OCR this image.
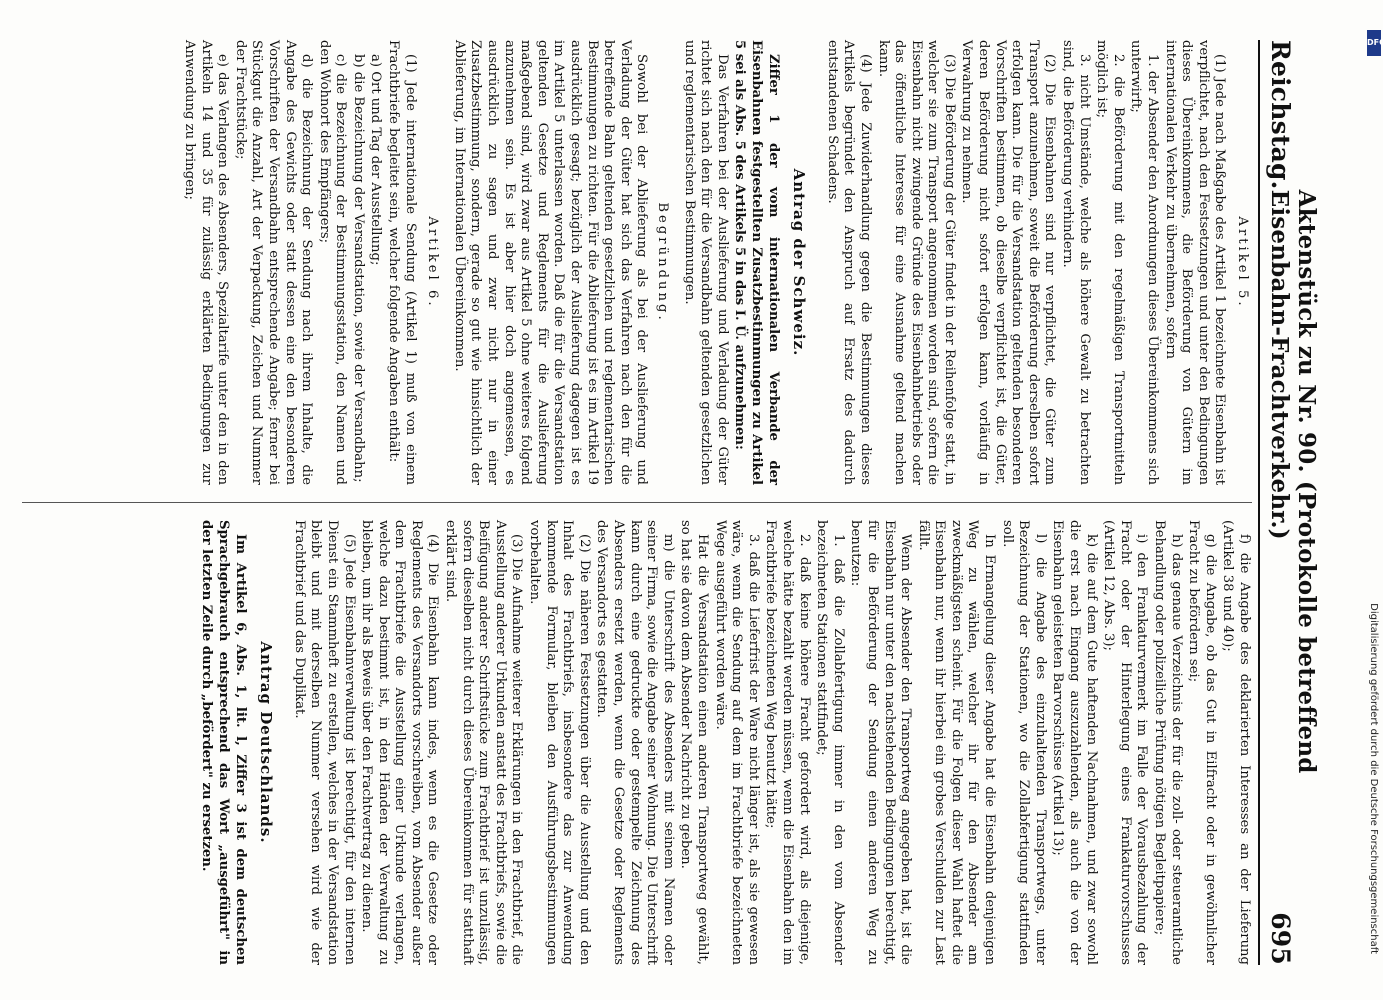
Reichstag.
Aktenstück zu Nr. 90. (Protokolle betreffend Eisenbahn-Frachtverkehr.)
695

Artikel 5.

(1) Jede nach Maßgabe des Artikel 1 bezeichnete Eisenbahn ist verpflichtet, nach den Festsetzungen und unter den Bedingungen dieses Übereinkommens, die Beförderung von Gütern im internationalen Verkehr zu übernehmen, sofern

1. der Absender den Anordnungen dieses Übereinkommens sich unterwirft;

2. die Beförderung mit den regelmäßigen Transportmitteln möglich ist;

3. nicht Umstände, welche als höhere Gewalt zu betrachten sind, die Beförderung verhindern.

(2) Die Eisenbahnen sind nur verpflichtet, die Güter zum Transport anzunehmen, soweit die Beförderung derselben sofort erfolgen kann. Die für die Versandstation geltenden besonderen Vorschriften bestimmen, ob dieselbe verpflichtet ist, die Güter, deren Beförderung nicht sofort erfolgen kann, vorläufig in Verwahrung zu nehmen.

(3) Die Beförderung der Güter findet in der Reihenfolge statt, in welcher sie zum Transport angenommen worden sind, sofern die Eisenbahn nicht zwingende Gründe des Eisenbahnbetriebs oder das öffentliche Interesse für eine Ausnahme geltend machen kann.

(4) Jede Zuwiderhandlung gegen die Bestimmungen dieses Artikels begründet den Anspruch auf Ersatz des dadurch entstandenen Schadens.

Antrag der Schweiz.

Ziffer 1 der vom internationalen Verbande der Eisenbahnen festgestellten Zusatzbestimmungen zu Artikel 5 sei als Abs. 5 des Artikels 5 in das I. Ü. aufzunehmen:

Das Verfahren bei der Auslieferung und Verladung der Güter richtet sich nach den für die Versandbahn geltenden gesetzlichen und reglementarischen Bestimmungen.

Begründung.

Sowohl bei der Ablieferung als bei der Auslieferung und Verladung der Güter hat sich das Verfahren nach den für die betreffende Bahn geltenden gesetzlichen und reglementarischen Bestimmungen zu richten. Für die Ablieferung ist es im Artikel 19 ausdrücklich gesagt; bezüglich der Auslieferung dagegen ist es im Artikel 5 unterlassen worden. Daß die für die Versandstation geltenden Gesetze und Reglements für die Auslieferung maßgebend sind, wird zwar aus Artikel 5 ohne weiteres folgend anzunehmen sein. Es ist aber hier doch angemessen, es ausdrücklich zu sagen und zwar nicht nur in einer Zusatzbestimmung, sondern, gerade so gut wie hinsichtlich der Ablieferung, im Internationalen Übereinkommen.

Artikel 6.

(1) Jede internationale Sendung (Artikel 1) muß von einem Frachtbriefe begleitet sein, welcher folgende Angaben enthält:

a) Ort und Tag der Ausstellung;

b) die Bezeichnung der Versandstation, sowie der Versandbahn;

c) die Bezeichnung der Bestimmungsstation, den Namen und den Wohnort des Empfängers;

d) die Bezeichnung der Sendung nach ihrem Inhalte, die Angabe des Gewichts oder statt dessen eine den besonderen Vorschriften der Versandbahn entsprechende Angabe; ferner bei Stückgut die Anzahl, Art der Verpackung, Zeichen und Nummer der Frachtstücke;

e) das Verlangen des Absenders, Spezialtarife unter den in den Artikeln 14 und 35 für zulässig erklärten Bedingungen zur Anwendung zu bringen;

f) die Angabe des deklarierten Interesses an der Lieferung (Artikel 38 und 40);

g) die Angabe, ob das Gut in Eilfracht oder in gewöhnlicher Fracht zu befördern sei;

h) das genaue Verzeichnis der für die zoll- oder steueramtliche Behandlung oder polizeiliche Prüfung nötigen Begleitpapiere;

i) den Frankaturvermerk im Falle der Vorausbezahlung der Fracht oder der Hinterlegung eines Frankaturvorschusses (Artikel 12, Abs. 3);

k) die auf dem Gute haftenden Nachnahmen, und zwar sowohl die erst nach Eingang auszuzahlenden, als auch die von der Eisenbahn geleisteten Barvorschüsse (Artikel 13);

l) die Angabe des einzuhaltenden Transportwegs, unter Bezeichnung der Stationen, wo die Zollabfertigung stattfinden soll.

In Ermangelung dieser Angabe hat die Eisenbahn denjenigen Weg zu wählen, welcher ihr für den Absender am zweckmäßigsten scheint. Für die Folgen dieser Wahl haftet die Eisenbahn nur, wenn ihr hierbei ein grobes Verschulden zur Last fällt.

Wenn der Absender den Transportweg angegeben hat, ist die Eisenbahn nur unter den nachstehenden Bedingungen berechtigt, für die Beförderung der Sendung einen anderen Weg zu benutzen:

1. daß die Zollabfertigung immer in den vom Absender bezeichneten Stationen stattfindet;

2. daß keine höhere Fracht gefordert wird, als diejenige, welche hätte bezahlt werden müssen, wenn die Eisenbahn den im Frachtbriefe bezeichneten Weg benutzt hätte;

3. daß die Lieferfrist der Ware nicht länger ist, als sie gewesen wäre, wenn die Sendung auf dem im Frachtbriefe bezeichneten Wege ausgeführt worden wäre.

Hat die Versandstation einen anderen Transportweg gewählt, so hat sie davon dem Absender Nachricht zu geben.

m) die Unterschrift des Absenders mit seinem Namen oder seiner Firma, sowie die Angabe seiner Wohnung. Die Unterschrift kann durch eine gedruckte oder gestempelte Zeichnung des Absenders ersetzt werden, wenn die Gesetze oder Reglements des Versandorts es gestatten.

(2) Die näheren Festsetzungen über die Ausstellung und den Inhalt des Frachtbriefs, insbesondere das zur Anwendung kommende Formular, bleiben den Ausführungsbestimmungen vorbehalten.

(3) Die Aufnahme weiterer Erklärungen in den Frachtbrief, die Ausstellung anderer Urkunden anstatt des Frachtbriefs, sowie die Beifügung anderer Schriftstücke zum Frachtbrief ist unzulässig, sofern dieselben nicht durch dieses Übereinkommen für statthaft erklärt sind.

(4) Die Eisenbahn kann indes, wenn es die Gesetze oder Reglements des Versandorts vorschreiben, vom Absender außer dem Frachtbriefe die Ausstellung einer Urkunde verlangen, welche dazu bestimmt ist, in den Händen der Verwaltung zu bleiben, um ihr als Beweis über den Frachtvertrag zu dienen.

(5) Jede Eisenbahnverwaltung ist berechtigt, für den internen Dienst ein Stammheft zu erstellen, welches in der Versandstation bleibt und mit derselben Nummer versehen wird wie der Frachtbrief und das Duplikat.

Antrag Deutschlands.

Im Artikel 6, Abs. 1, lit. l, Ziffer 3 ist dem deutschen Sprachgebrauch entsprechend das Wort „ausgeführt" in der letzten Zeile durch „befördert" zu ersetzen.

DFG
Digitalisierung gefördert durch die Deutsche Forschungsgemeinschaft
